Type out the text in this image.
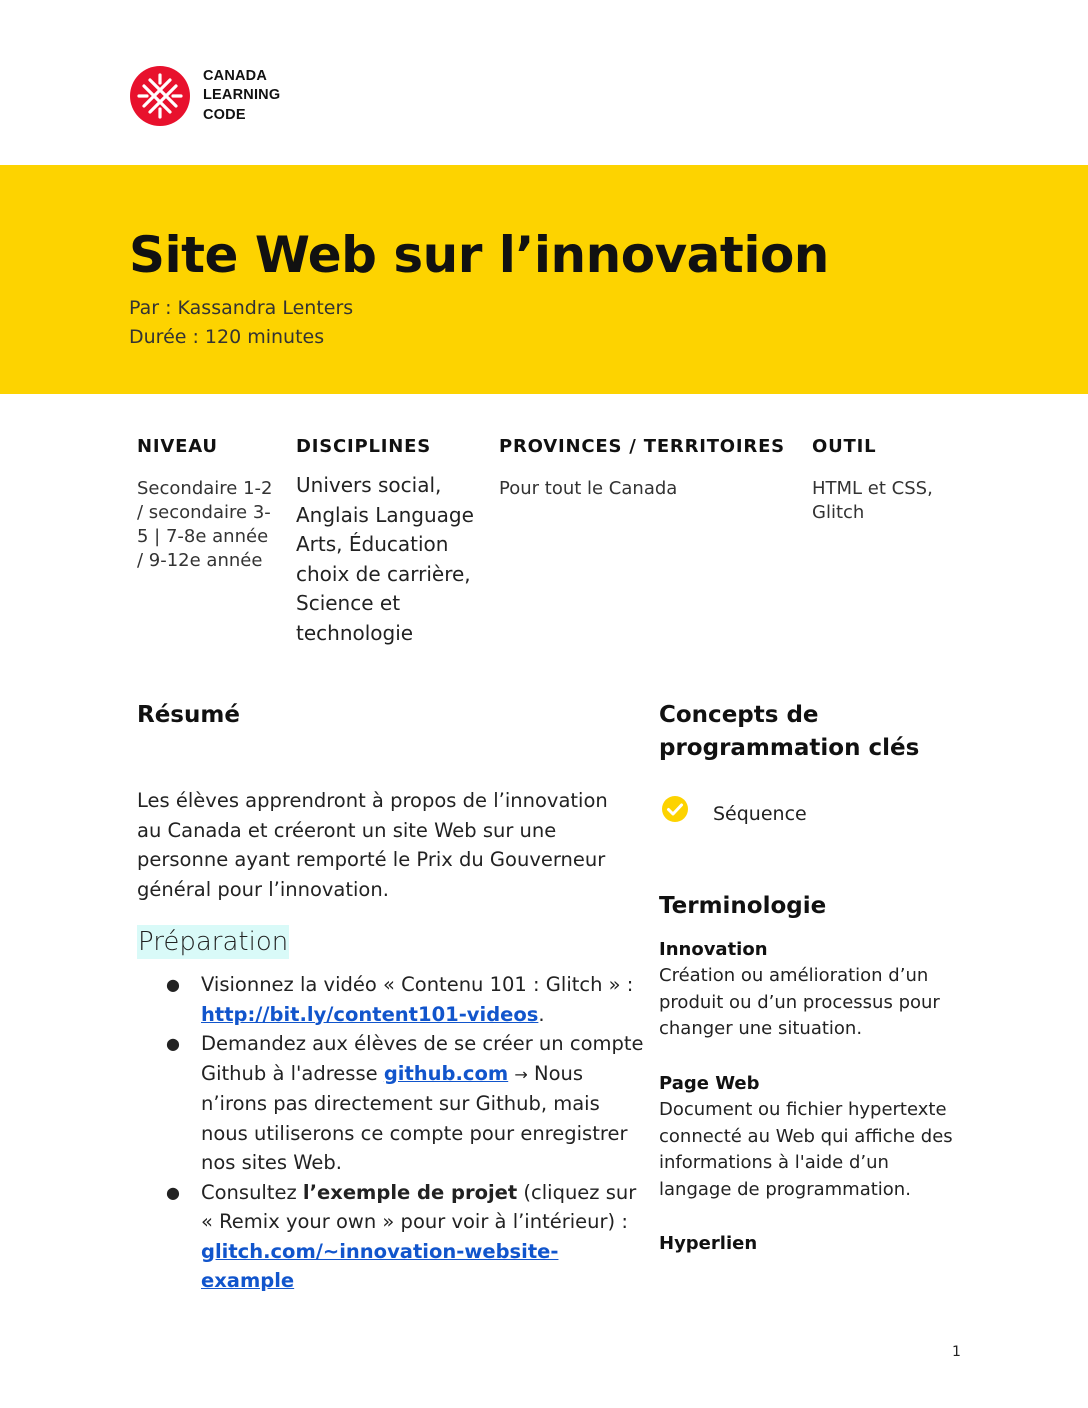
CANADA
LEARNING
CODE
Site Web sur l’innovation
Par : Kassandra Lenters
Durée : 120 minutes
NIVEAU
Secondaire 1-2 / secondaire 3-5 | 7-8e année / 9-12e année
DISCIPLINES
Univers social, Anglais Language Arts, Éducation choix de carrière, Science et technologie
PROVINCES / TERRITOIRES
Pour tout le Canada
OUTIL
HTML et CSS, Glitch
Résumé
Les élèves apprendront à propos de l’innovation au Canada et créeront un site Web sur une personne ayant remporté le Prix du Gouverneur général pour l’innovation.
Préparation
● Visionnez la vidéo « Contenu 101 : Glitch » : http://bit.ly/content101-videos.
● Demandez aux élèves de se créer un compte Github à l'adresse github.com → Nous n’irons pas directement sur Github, mais nous utiliserons ce compte pour enregistrer nos sites Web.
● Consultez l’exemple de projet (cliquez sur « Remix your own » pour voir à l’intérieur) : glitch.com/~innovation-website-example
Concepts de programmation clés
Séquence
Terminologie
Innovation
Création ou amélioration d’un produit ou d’un processus pour changer une situation.
Page Web
Document ou fichier hypertexte connecté au Web qui affiche des informations à l'aide d’un langage de programmation.
Hyperlien
1
